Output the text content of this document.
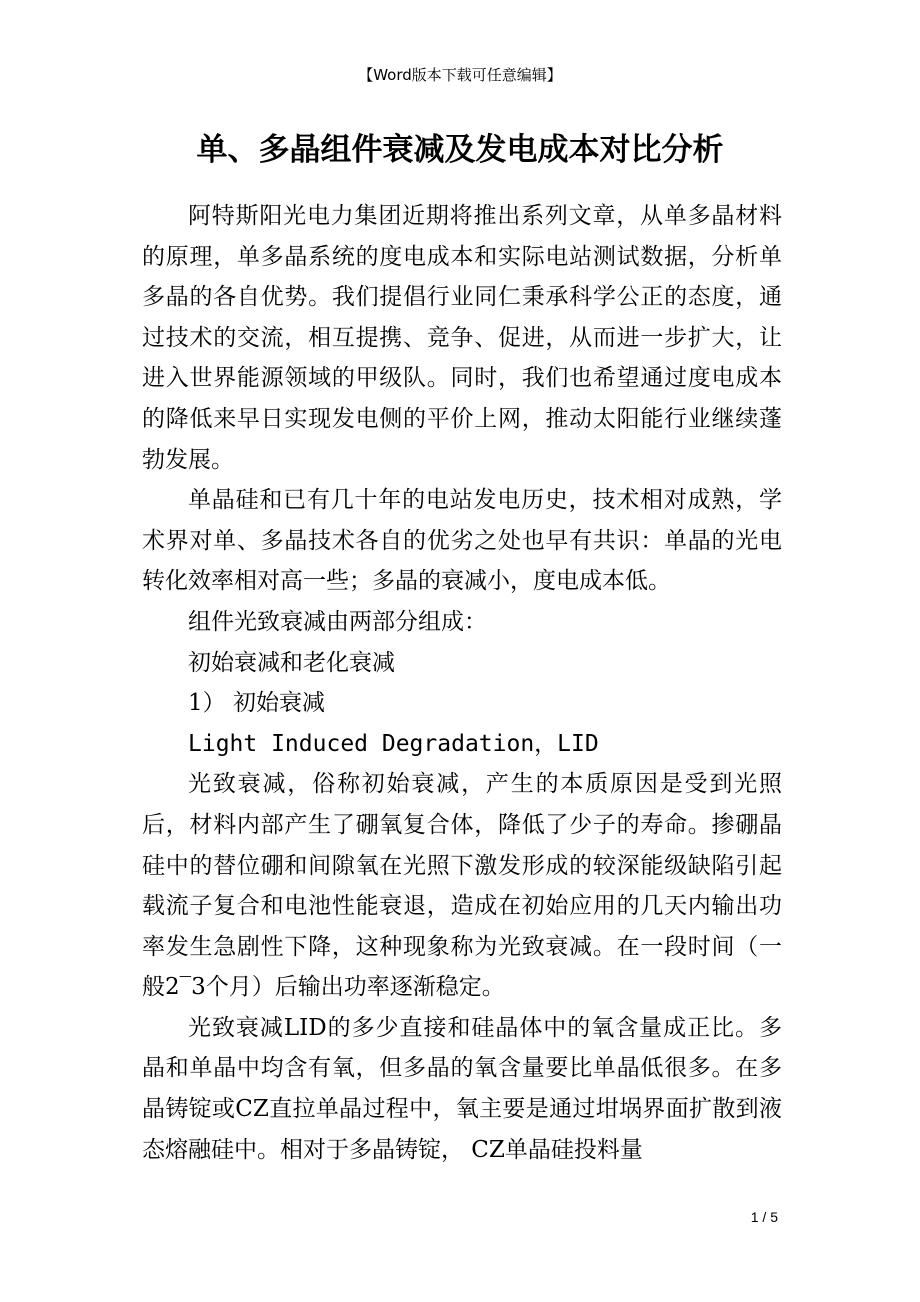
【Word版本下载可任意编辑】
单、多晶组件衰减及发电成本对比分析

阿特斯阳光电力集团近期将推出系列文章，从单多晶材料的原理，单多晶系统的度电成本和实际电站测试数据，分析单多晶的各自优势。我们提倡行业同仁秉承科学公正的态度，通过技术的交流，相互提携、竞争、促进，从而进一步扩大，让进入世界能源领域的甲级队。同时，我们也希望通过度电成本的降低来早日实现发电侧的平价上网，推动太阳能行业继续蓬勃发展。

单晶硅和已有几十年的电站发电历史，技术相对成熟，学术界对单、多晶技术各自的优劣之处也早有共识：单晶的光电转化效率相对高一些；多晶的衰减小，度电成本低。

组件光致衰减由两部分组成：

初始衰减和老化衰减

1） 初始衰减

Light Induced Degradation，LID

光致衰减，俗称初始衰减，产生的本质原因是受到光照后，材料内部产生了硼氧复合体，降低了少子的寿命。掺硼晶硅中的替位硼和间隙氧在光照下激发形成的较深能级缺陷引起载流子复合和电池性能衰退，造成在初始应用的几天内输出功率发生急剧性下降，这种现象称为光致衰减。在一段时间（一般2‾3个月）后输出功率逐渐稳定。

光致衰减LID的多少直接和硅晶体中的氧含量成正比。多晶和单晶中均含有氧，但多晶的氧含量要比单晶低很多。在多晶铸锭或CZ直拉单晶过程中，氧主要是通过坩埚界面扩散到液态熔融硅中。相对于多晶铸锭， CZ单晶硅投料量

1 / 5
